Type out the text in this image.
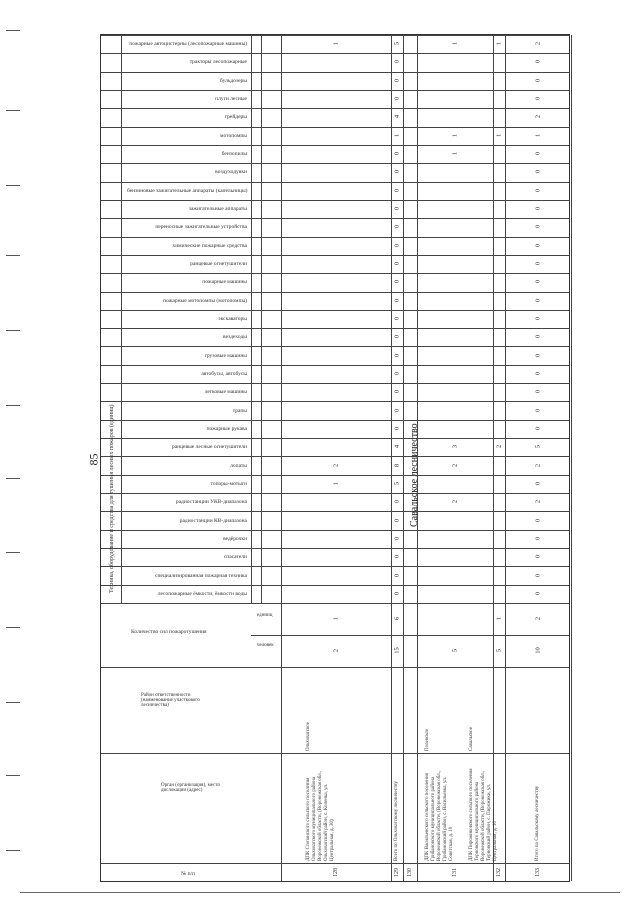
85 Техника, оборудование и средства для тушения лесных пожаров (единиц)
пожарные автоцистерны (лесопожарные машины)
тракторы лесопожарные
бульдозеры
плуги лесные
грейдеры
мотопомпы
бензопилы
воздуходувки
бензиновые зажигательные аппараты (капельницы)
зажигательные аппараты
переносные зажигательные устройства
химические пожарные средства
ранцевые огнетушители
пожарные машины
пожарные мотопомпы (мотопомпы)
экскаваторы
вездеходы
грузовые машины
автобусы, автобусы
легковые машины
трапы
пожарные рукава
ранцевые лесные огнетушители
лопаты
топоры-мотыги
радиостанции УКВ-диапазона
радиостанции КВ-диапазона
ведёрочки
спасатели
специализированная пожарная техника
лесопожарные ёмкости, ёмкости воды
Количество сил пожаротушения
человек
единиц
Район ответственности (наименование участкового лесничества)
Орган (организация), место дислокации (адрес)
№ п/п
Савальское лесничество
128
ДПК Степанского сельского поселения Ольховатского муниципального района Воронежской области, (Воронежская обл., Ольховатский район, с. Копенка, ул. Центральная, д. 30)
Ольховатское
2
1
1
2
1
129
Всего по Ольховатскому лесничеству
15
6
5
0
0
0
4
1
0
0
0
0
0
0
0
0
0
0
0
0
0
0
0
0
4
8
5
0
0
0
0
0
0
130	131
ДПК Васильевского сельского поселения Грибановского муниципального района Воронежской области, (Воронежская обл., Грибановский район, с. Васильевка, ул. Советская, д. 10
Полевское
5
1
1
1
3
2
2
132
ДПК Пирожиковского сельского поселения Терновского муниципального района Воронежской области, (Воронежская обл., Терновский район, с. Пирожики, ул. Центральная, д. 10
Савальское
5
1
1
1
2
133
Итого по Савальскому лесничеству
10
2
2
0
0
0
2
1
0
0
0
0
0
0
0
0
0
0
0
0
0
0
0
0
5
2
0
2
0
0
0
0
0
